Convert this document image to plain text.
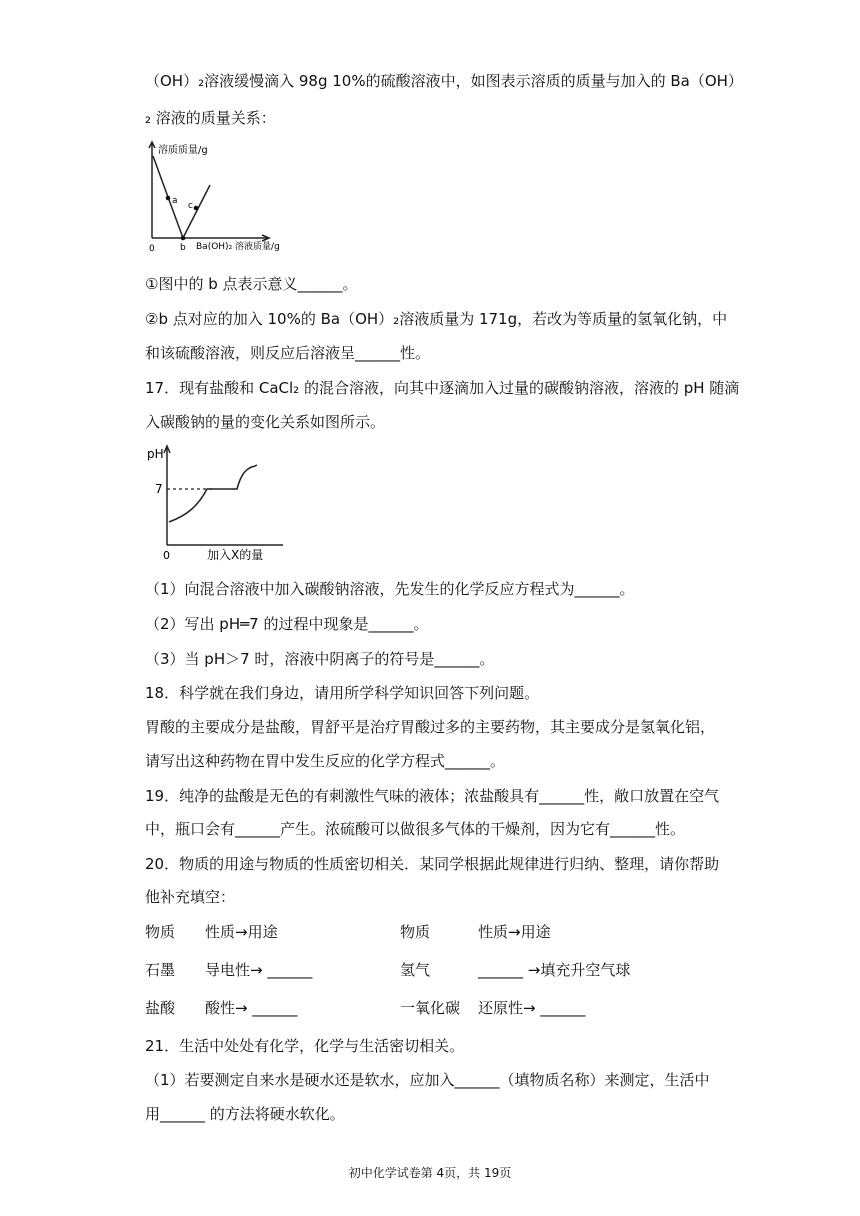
（OH）₂溶液缓慢滴入 98g 10%的硫酸溶液中，如图表示溶质的质量与加入的 Ba（OH）
₂ 溶液的质量关系：
溶质质量/g
0	Ba(OH)₂ 溶液质量/g
a
b
c
①图中的 b 点表示意义______。
②b 点对应的加入 10%的 Ba（OH）₂溶液质量为 171g，若改为等质量的氢氧化钠，中
和该硫酸溶液，则反应后溶液呈______性。
17．现有盐酸和 CaCl₂ 的混合溶液，向其中逐滴加入过量的碳酸钠溶液，溶液的 pH 随滴
入碳酸钠的量的变化关系如图所示。
pH
7
0	加入X的量
（1）向混合溶液中加入碳酸钠溶液，先发生的化学反应方程式为______。
（2）写出 pH═7 的过程中现象是______。
（3）当 pH＞7 时，溶液中阴离子的符号是______。
18．科学就在我们身边，请用所学科学知识回答下列问题。
胃酸的主要成分是盐酸，胃舒平是治疗胃酸过多的主要药物，其主要成分是氢氧化铝，
请写出这种药物在胃中发生反应的化学方程式______。
19．纯净的盐酸是无色的有刺激性气味的液体；浓盐酸具有______性，敞口放置在空气
中，瓶口会有______产生。浓硫酸可以做很多气体的干燥剂，因为它有______性。
20．物质的用途与物质的性质密切相关．某同学根据此规律进行归纳、整理，请你帮助
他补充填空：
物质 性质→用途	物质	性质→用途
石墨 导电性→ ______	氢气	______ →填充升空气球
盐酸 酸性→ ______	一氧化碳 还原性→ ______
21．生活中处处有化学，化学与生活密切相关。
（1）若要测定自来水是硬水还是软水，应加入______（填物质名称）来测定，生活中
用______ 的方法将硬水软化。
初中化学试卷第 4页，共 19页
